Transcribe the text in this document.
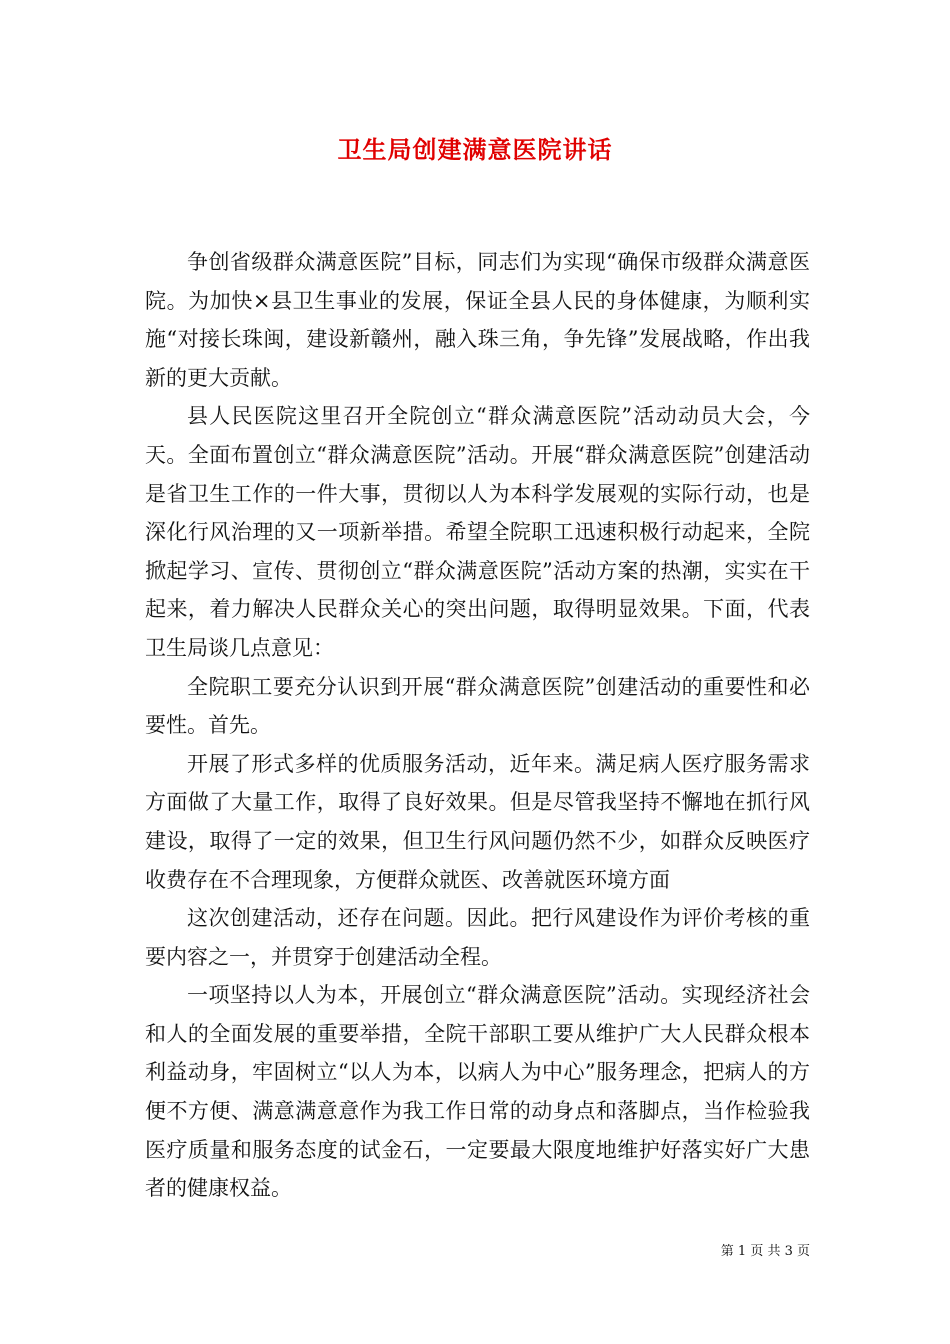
卫生局创建满意医院讲话

争创省级群众满意医院”目标，同志们为实现“确保市级群众满意医院。为加快×县卫生事业的发展，保证全县人民的身体健康，为顺利实施“对接长珠闽，建设新赣州，融入珠三角，争先锋”发展战略，作出我新的更大贡献。

县人民医院这里召开全院创立“群众满意医院”活动动员大会，今天。全面布置创立“群众满意医院”活动。开展“群众满意医院”创建活动是省卫生工作的一件大事，贯彻以人为本科学发展观的实际行动，也是深化行风治理的又一项新举措。希望全院职工迅速积极行动起来，全院掀起学习、宣传、贯彻创立“群众满意医院”活动方案的热潮，实实在干起来，着力解决人民群众关心的突出问题，取得明显效果。下面，代表卫生局谈几点意见：

全院职工要充分认识到开展“群众满意医院”创建活动的重要性和必要性。首先。

开展了形式多样的优质服务活动，近年来。满足病人医疗服务需求方面做了大量工作，取得了良好效果。但是尽管我坚持不懈地在抓行风建设，取得了一定的效果，但卫生行风问题仍然不少，如群众反映医疗收费存在不合理现象，方便群众就医、改善就医环境方面

这次创建活动，还存在问题。因此。把行风建设作为评价考核的重要内容之一，并贯穿于创建活动全程。

一项坚持以人为本，开展创立“群众满意医院”活动。实现经济社会和人的全面发展的重要举措，全院干部职工要从维护广大人民群众根本利益动身，牢固树立“以人为本，以病人为中心”服务理念，把病人的方便不方便、满意满意意作为我工作日常的动身点和落脚点，当作检验我医疗质量和服务态度的试金石，一定要最大限度地维护好落实好广大患者的健康权益。

第 1 页 共 3 页
